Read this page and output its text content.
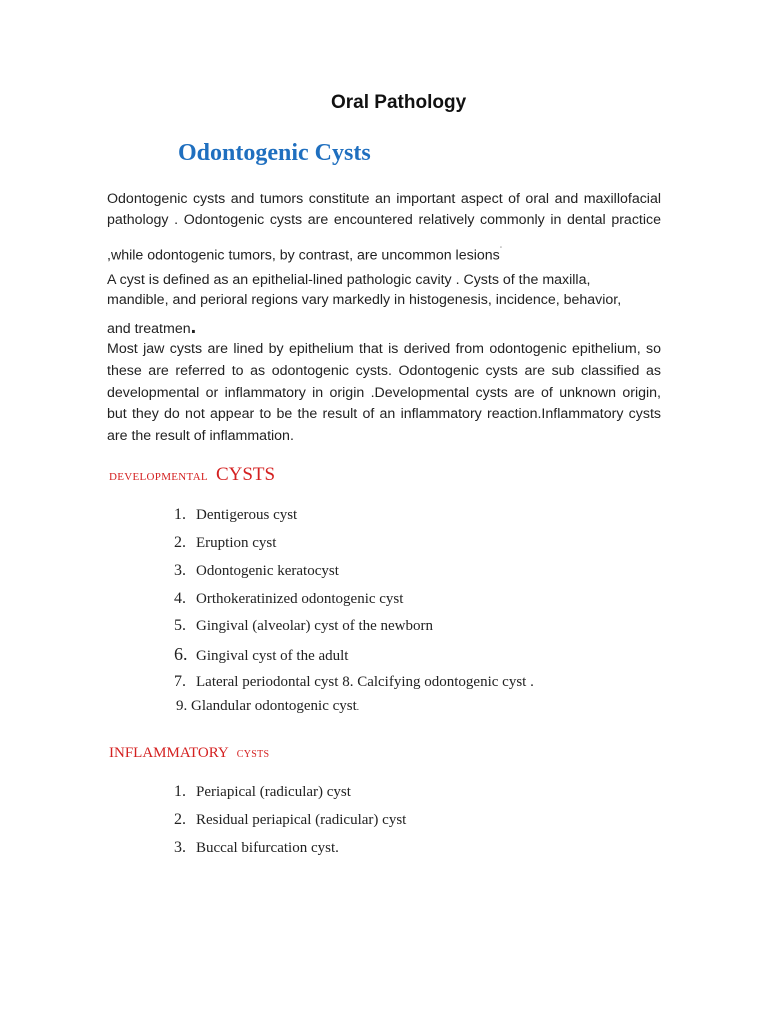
Oral Pathology
Odontogenic Cysts
Odontogenic cysts and tumors constitute an important aspect of oral and maxillofacial
pathology . Odontogenic cysts are encountered relatively commonly in dental practice
,while odontogenic tumors, by contrast, are uncommon lesions˙
A cyst is defined as an epithelial-lined pathologic cavity . Cysts of the maxilla,
mandible, and perioral regions vary markedly in histogenesis, incidence, behavior,
and treatmen.
Most jaw cysts are lined by epithelium that is derived from odontogenic epithelium, so
these are referred to as odontogenic cysts. Odontogenic cysts are sub classified as
developmental or inflammatory in origin .Developmental cysts are of unknown origin,
but they do not appear to be the result of an inflammatory reaction.Inflammatory cysts
are the result of inflammation.
developmental CYSTS
1. Dentigerous cyst
2. Eruption cyst
3. Odontogenic keratocyst
4. Orthokeratinized odontogenic cyst
5. Gingival (alveolar) cyst of the newborn
6. Gingival cyst of the adult
7. Lateral periodontal cyst 8. Calcifying odontogenic cyst .
9. Glandular odontogenic cyst.
INFLAMMATORY cysts
1. Periapical (radicular) cyst
2. Residual periapical (radicular) cyst
3. Buccal bifurcation cyst.
